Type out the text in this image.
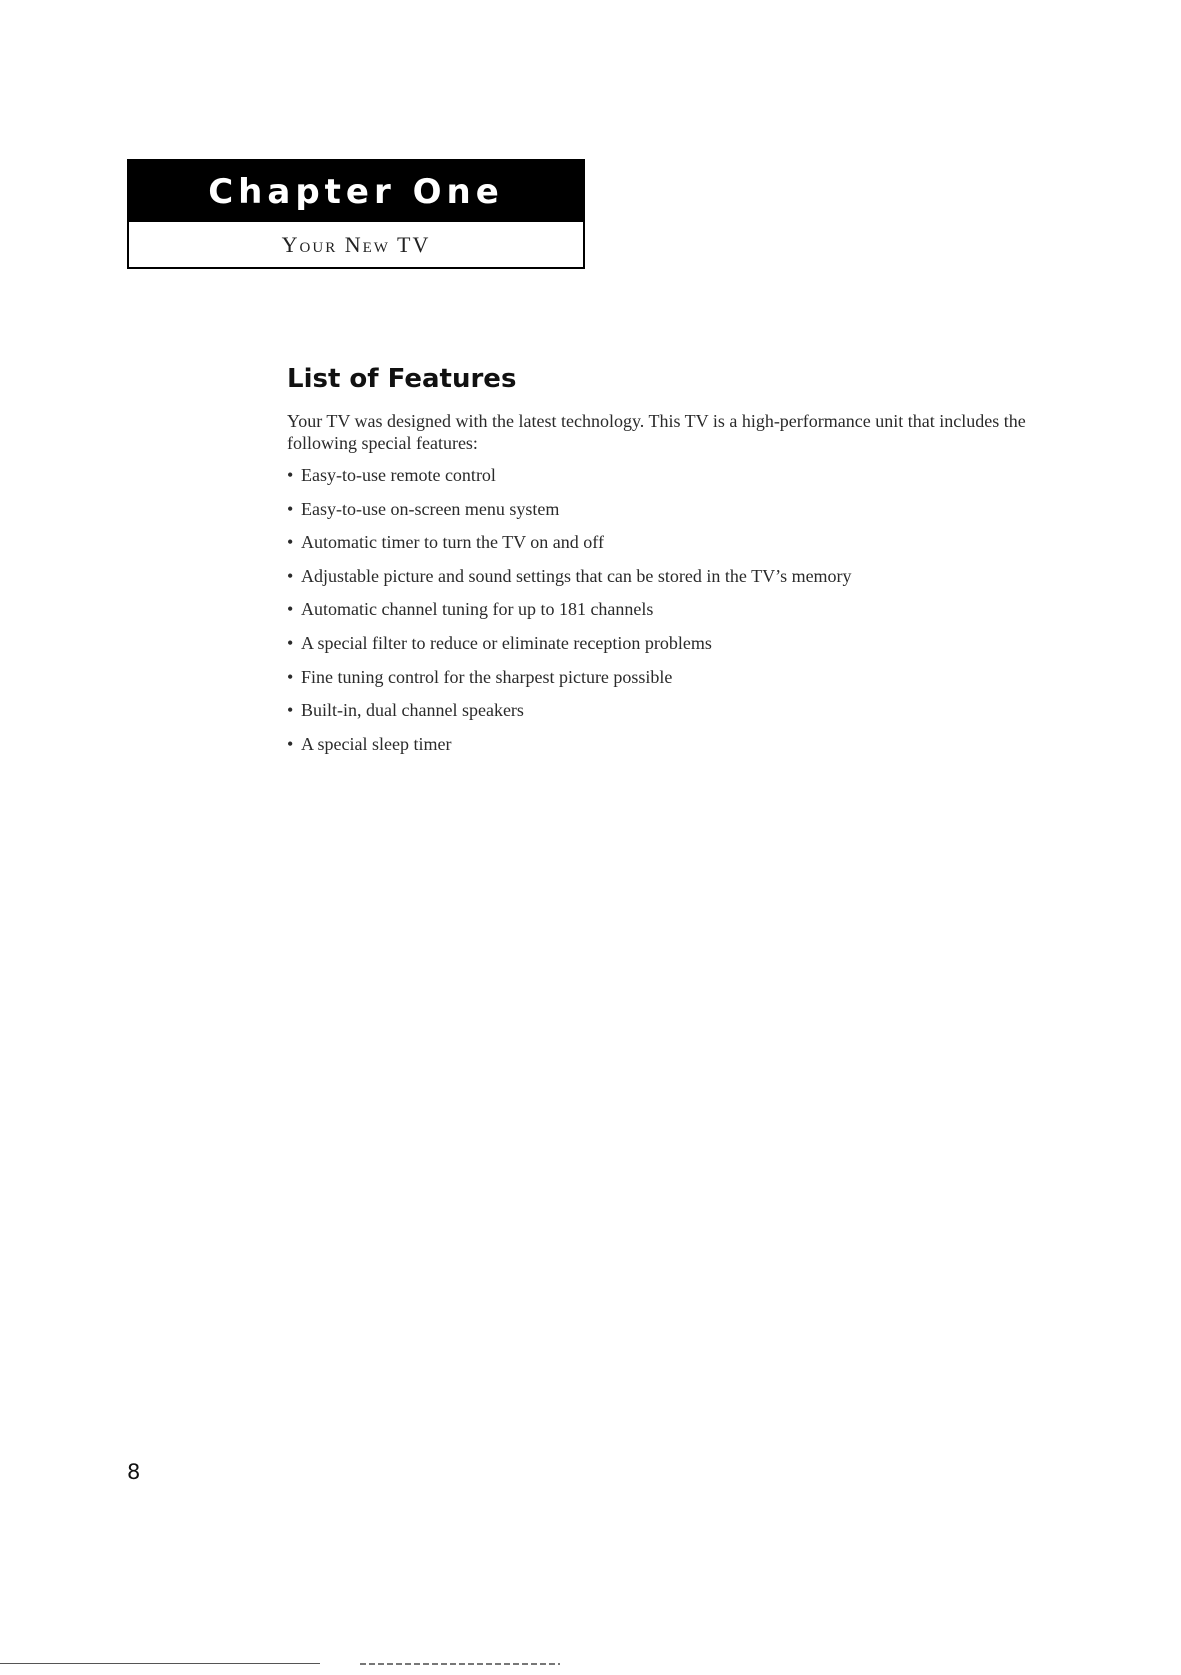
Chapter One
Your New TV
List of Features

Your TV was designed with the latest technology. This TV is a high-performance unit that includes the following special features:

• Easy-to-use remote control
• Easy-to-use on-screen menu system
• Automatic timer to turn the TV on and off
• Adjustable picture and sound settings that can be stored in the TV’s memory
• Automatic channel tuning for up to 181 channels
• A special filter to reduce or eliminate reception problems
• Fine tuning control for the sharpest picture possible
• Built-in, dual channel speakers
• A special sleep timer
8
